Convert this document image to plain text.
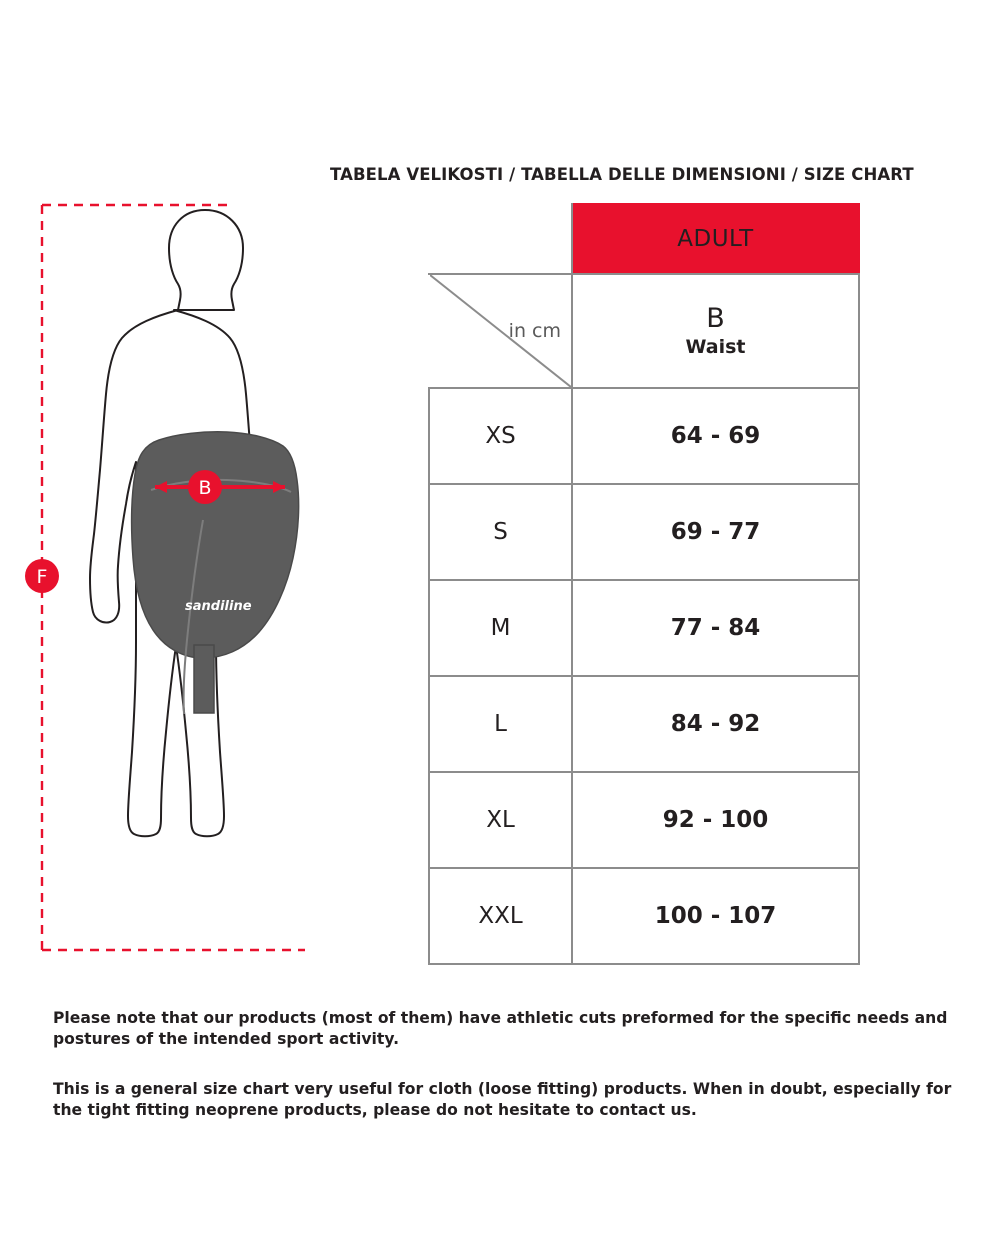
TABELA VELIKOSTI / TABELLA DELLE DIMENSIONI / SIZE CHART
sandiline
B
F
	ADULT

in cm	B
Waist

XS	64 - 69
S	69 - 77
M	77 - 84
L	84 - 92
XL	92 - 100
XXL	100 - 107

Please note that our products (most of them) have athletic cuts preformed for the specific needs and postures of the intended sport activity.

This is a general size chart very useful for cloth (loose fitting) products. When in doubt, especially for the tight fitting neoprene products, please do not hesitate to contact us.
